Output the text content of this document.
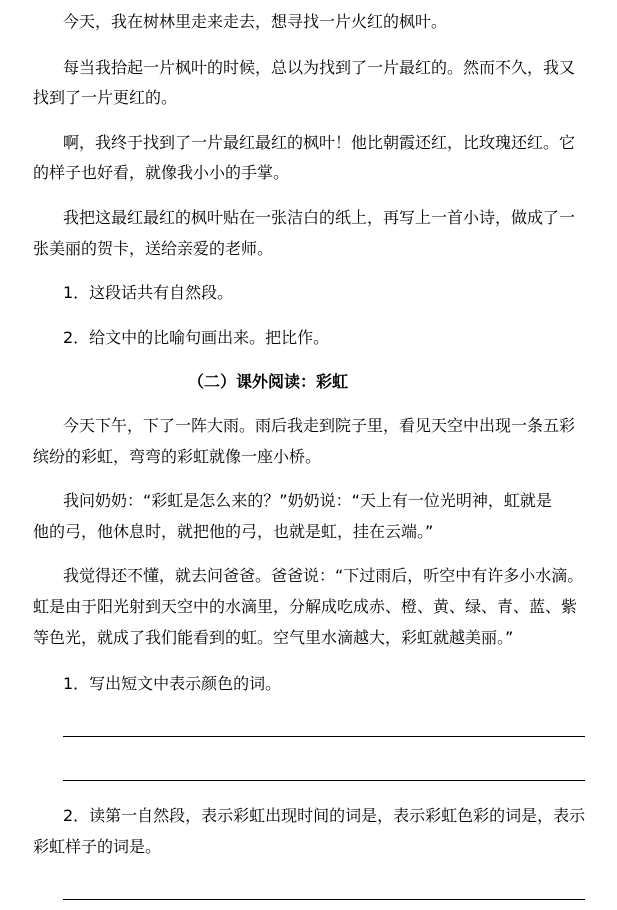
今天，我在树林里走来走去，想寻找一片火红的枫叶。
每当我拾起一片枫叶的时候，总以为找到了一片最红的。然而不久，我又
找到了一片更红的。
啊，我终于找到了一片最红最红的枫叶！他比朝霞还红，比玫瑰还红。它
的样子也好看，就像我小小的手掌。
我把这最红最红的枫叶贴在一张洁白的纸上，再写上一首小诗，做成了一
张美丽的贺卡，送给亲爱的老师。
1．这段话共有自然段。
2．给文中的比喻句画出来。把比作。
（二）课外阅读：彩虹
今天下午，下了一阵大雨。雨后我走到院子里，看见天空中出现一条五彩
缤纷的彩虹，弯弯的彩虹就像一座小桥。
我问奶奶：“彩虹是怎么来的？”奶奶说：“天上有一位光明神，虹就是
他的弓，他休息时，就把他的弓，也就是虹，挂在云端。”
我觉得还不懂，就去问爸爸。爸爸说：“下过雨后，听空中有许多小水滴。
虹是由于阳光射到天空中的水滴里，分解成吃成赤、橙、黄、绿、青、蓝、紫
等色光，就成了我们能看到的虹。空气里水滴越大，彩虹就越美丽。”
1．写出短文中表示颜色的词。
2．读第一自然段，表示彩虹出现时间的词是，表示彩虹色彩的词是，表示
彩虹样子的词是。
